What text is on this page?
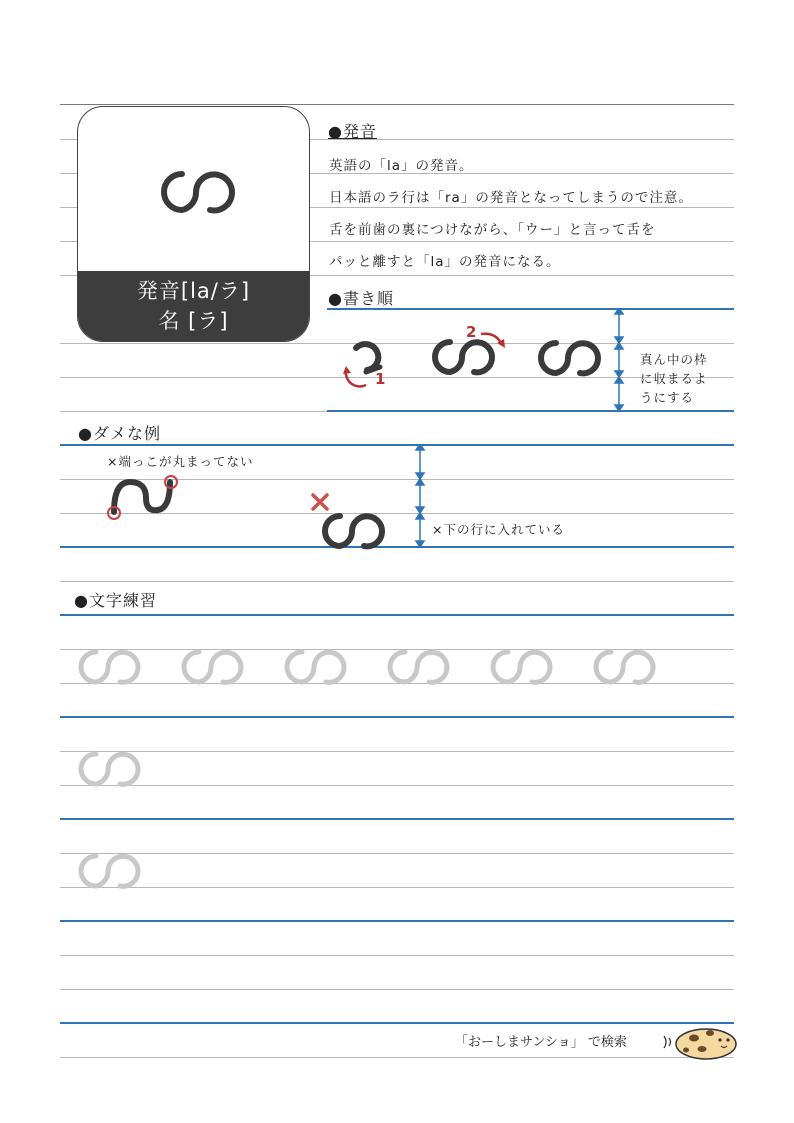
発音[la/ラ]
名 [ラ]
●発音
英語の「la」の発音。
日本語のラ行は「ra」の発音となってしまうので注意。
舌を前歯の裏につけながら、「ウー」と言って舌を
パッと離すと「la」の発音になる。
●書き順
1
2
真ん中の枠
に収まるよ
うにする
●ダメな例
×端っこが丸まってない
×下の行に入れている
●文字練習
「おーしまサンショ」 で検索
